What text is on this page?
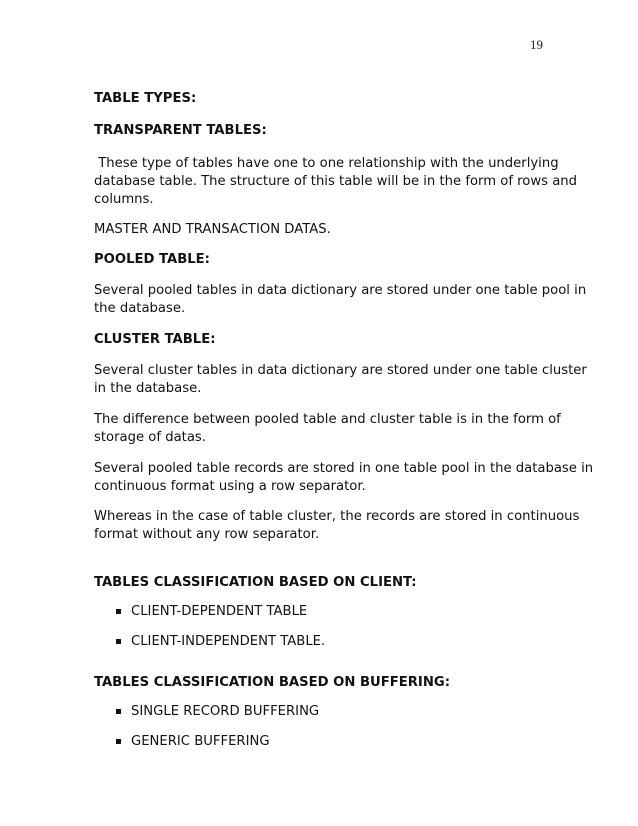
19

TABLE TYPES:

TRANSPARENT TABLES:

These type of tables have one to one relationship with the underlying database table. The structure of this table will be in the form of rows and columns.

MASTER AND TRANSACTION DATAS.

POOLED TABLE:

Several pooled tables in data dictionary are stored under one table pool in the database.

CLUSTER TABLE:

Several cluster tables in data dictionary are stored under one table cluster in the database.

The difference between pooled table and cluster table is in the form of storage of datas.

Several pooled table records are stored in one table pool in the database in continuous format using a row separator.

Whereas in the case of table cluster, the records are stored in continuous format without any row separator.

TABLES CLASSIFICATION BASED ON CLIENT:

CLIENT-DEPENDENT TABLE
CLIENT-INDEPENDENT TABLE.

TABLES CLASSIFICATION BASED ON BUFFERING:

SINGLE RECORD BUFFERING
GENERIC BUFFERING
